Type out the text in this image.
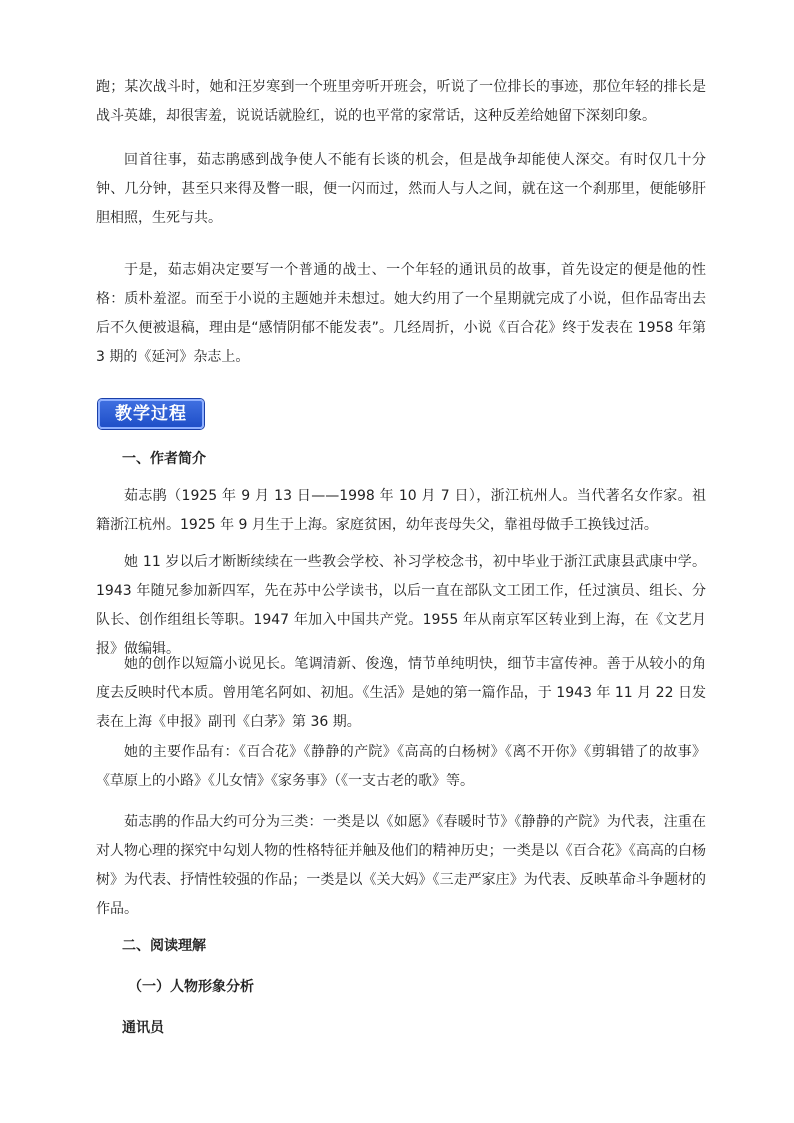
跑；某次战斗时，她和汪岁寒到一个班里旁听开班会，听说了一位排长的事迹，那位年轻的排长是战斗英雄，却很害羞，说说话就脸红，说的也平常的家常话，这种反差给她留下深刻印象。

回首往事，茹志鹃感到战争使人不能有长谈的机会，但是战争却能使人深交。有时仅几十分钟、几分钟，甚至只来得及瞥一眼，便一闪而过，然而人与人之间，就在这一个刹那里，便能够肝胆相照，生死与共。

于是，茹志娟决定要写一个普通的战士、一个年轻的通讯员的故事，首先设定的便是他的性格：质朴羞涩。而至于小说的主题她并未想过。她大约用了一个星期就完成了小说，但作品寄出去后不久便被退稿，理由是“感情阴郁不能发表”。几经周折，小说《百合花》终于发表在 1958 年第 3 期的《延河》杂志上。

教学过程

一、作者简介

茹志鹃（1925 年 9 月 13 日——1998 年 10 月 7 日），浙江杭州人。当代著名女作家。祖籍浙江杭州。1925 年 9 月生于上海。家庭贫困，幼年丧母失父，靠祖母做手工换钱过活。

她 11 岁以后才断断续续在一些教会学校、补习学校念书，初中毕业于浙江武康县武康中学。1943 年随兄参加新四军，先在苏中公学读书，以后一直在部队文工团工作，任过演员、组长、分队长、创作组组长等职。1947 年加入中国共产党。1955 年从南京军区转业到上海，在《文艺月报》做编辑。

她的创作以短篇小说见长。笔调清新、俊逸，情节单纯明快，细节丰富传神。善于从较小的角度去反映时代本质。曾用笔名阿如、初旭。《生活》是她的第一篇作品，于 1943 年 11 月 22 日发表在上海《申报》副刊《白茅》第 36 期。

她的主要作品有：《百合花》《静静的产院》《高高的白杨树》《离不开你》《剪辑错了的故事》《草原上的小路》《儿女情》《家务事》（《一支古老的歌》等。

茹志鹃的作品大约可分为三类：一类是以《如愿》《春暖时节》《静静的产院》为代表，注重在对人物心理的探究中勾划人物的性格特征并触及他们的精神历史；一类是以《百合花》《高高的白杨树》为代表、抒情性较强的作品；一类是以《关大妈》《三走严家庄》为代表、反映革命斗争题材的作品。

二、阅读理解

（一）人物形象分析

通讯员
